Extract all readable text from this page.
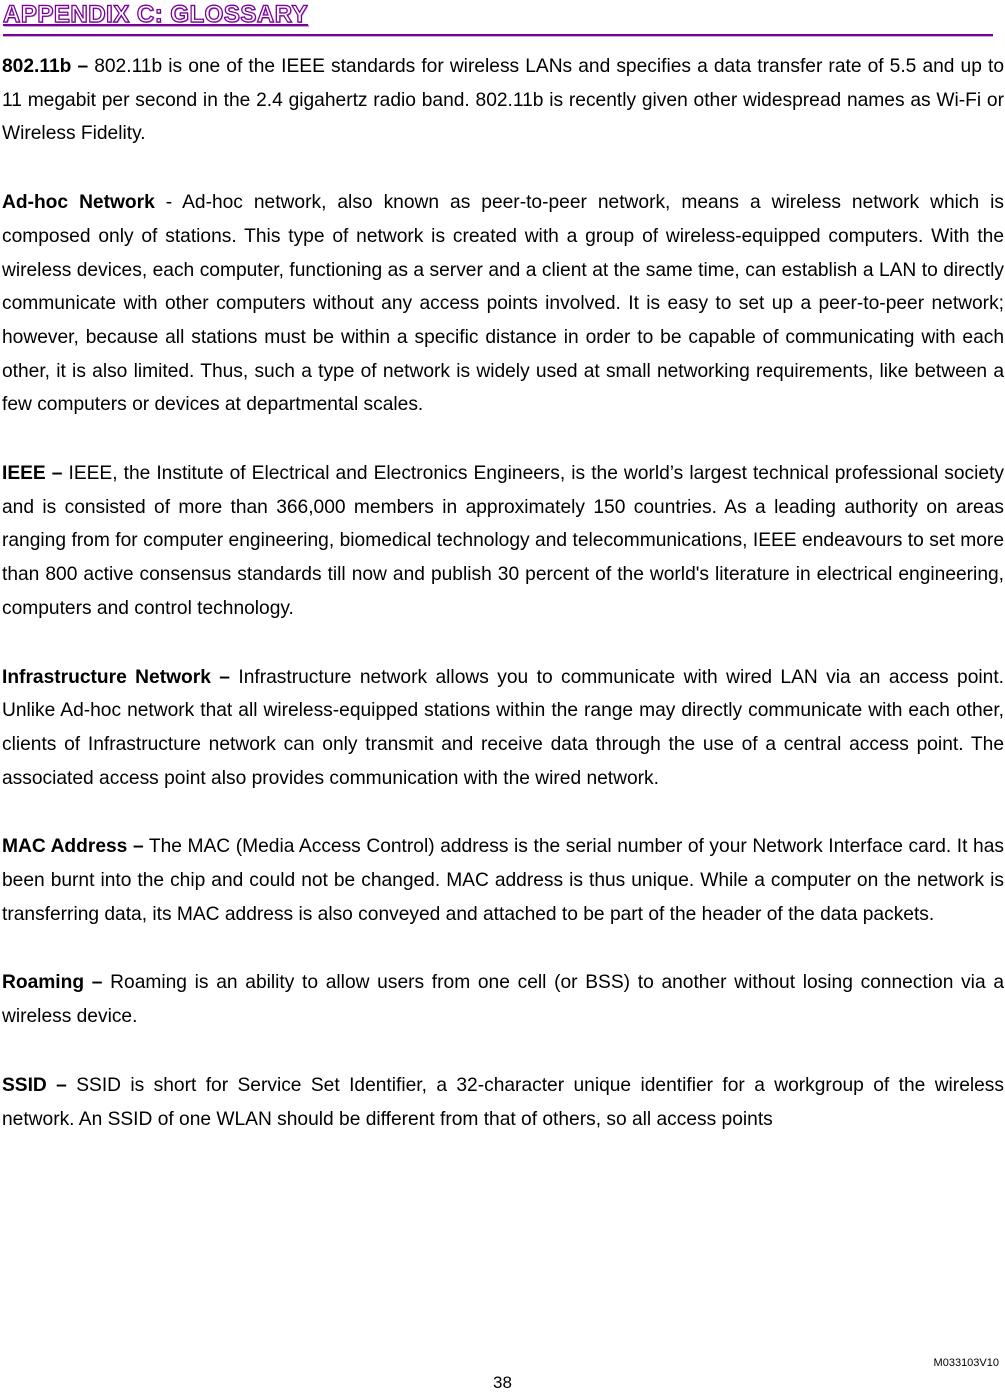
APPENDIX C: GLOSSARY

802.11b – 802.11b is one of the IEEE standards for wireless LANs and specifies a data transfer rate of 5.5 and up to 11 megabit per second in the 2.4 gigahertz radio band. 802.11b is recently given other widespread names as Wi-Fi or Wireless Fidelity.

Ad-hoc Network - Ad-hoc network, also known as peer-to-peer network, means a wireless network which is composed only of stations. This type of network is created with a group of wireless-equipped computers. With the wireless devices, each computer, functioning as a server and a client at the same time, can establish a LAN to directly communicate with other computers without any access points involved. It is easy to set up a peer-to-peer network; however, because all stations must be within a specific distance in order to be capable of communicating with each other, it is also limited. Thus, such a type of network is widely used at small networking requirements, like between a few computers or devices at departmental scales.

IEEE – IEEE, the Institute of Electrical and Electronics Engineers, is the world’s largest technical professional society and is consisted of more than 366,000 members in approximately 150 countries. As a leading authority on areas ranging from for computer engineering, biomedical technology and telecommunications, IEEE endeavours to set more than 800 active consensus standards till now and publish 30 percent of the world's literature in electrical engineering, computers and control technology.

Infrastructure Network – Infrastructure network allows you to communicate with wired LAN via an access point. Unlike Ad-hoc network that all wireless-equipped stations within the range may directly communicate with each other, clients of Infrastructure network can only transmit and receive data through the use of a central access point. The associated access point also provides communication with the wired network.

MAC Address – The MAC (Media Access Control) address is the serial number of your Network Interface card. It has been burnt into the chip and could not be changed. MAC address is thus unique. While a computer on the network is transferring data, its MAC address is also conveyed and attached to be part of the header of the data packets.

Roaming – Roaming is an ability to allow users from one cell (or BSS) to another without losing connection via a wireless device.

SSID – SSID is short for Service Set Identifier, a 32-character unique identifier for a workgroup of the wireless network. An SSID of one WLAN should be different from that of others, so all access points

M033103V10
38
